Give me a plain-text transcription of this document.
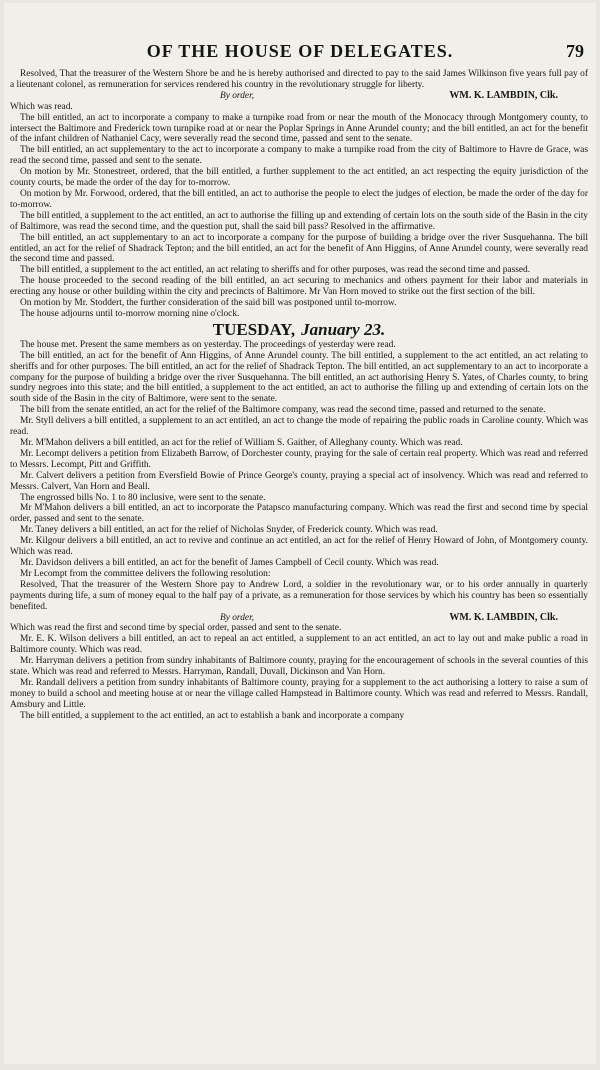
OF THE HOUSE OF DELEGATES.	79

Resolved, That the treasurer of the Western Shore be and he is hereby authorised and directed to pay to the said James Wilkinson five years full pay of a lieutenant colonel, as remuneration for services rendered his country in the revolutionary struggle for liberty.

By order,	WM. K. LAMBDIN, Clk.

Which was read.

The bill entitled, an act to incorporate a company to make a turnpike road from or near the mouth of the Monocacy through Montgomery county, to intersect the Baltimore and Frederick town turnpike road at or near the Poplar Springs in Anne Arundel county; and the bill entitled, an act for the benefit of the infant children of Nathaniel Cacy, were severally read the second time, passed and sent to the senate.

The bill entitled, an act supplementary to the act to incorporate a company to make a turnpike road from the city of Baltimore to Havre de Grace, was read the second time, passed and sent to the senate.

On motion by Mr. Stonestreet, ordered, that the bill entitled, a further supplement to the act entitled, an act respecting the equity jurisdiction of the county courts, be made the order of the day for to-morrow.

On motion by Mr. Forwood, ordered, that the bill entitled, an act to authorise the people to elect the judges of election, be made the order of the day for to-morrow.

The bill entitled, a supplement to the act entitled, an act to authorise the filling up and extending of certain lots on the south side of the Basin in the city of Baltimore, was read the second time, and the question put, shall the said bill pass? Resolved in the affirmative.

The bill entitled, an act supplementary to an act to incorporate a company for the purpose of building a bridge over the river Susquehanna. The bill entitled, an act for the relief of Shadrack Tepton; and the bill entitled, an act for the benefit of Ann Higgins, of Anne Arundel county, were severally read the second time and passed.

The bill entitled, a supplement to the act entitled, an act relating to sheriffs and for other purposes, was read the second time and passed.

The house proceeded to the second reading of the bill entitled, an act securing to mechanics and others payment for their labor and materials in erecting any house or other building within the city and precincts of Baltimore. Mr Van Horn moved to strike out the first section of the bill.

On motion by Mr. Stoddert, the further consideration of the said bill was postponed until to-morrow.

The house adjourns until to-morrow morning nine o'clock.

TUESDAY, January 23.

The house met. Present the same members as on yesterday. The proceedings of yesterday were read.

The bill entitled, an act for the benefit of Ann Higgins, of Anne Arundel county. The bill entitled, a supplement to the act entitled, an act relating to sheriffs and for other purposes. The bill entitled, an act for the relief of Shadrack Tepton. The bill entitled, an act supplementary to an act to incorporate a company for the purpose of building a bridge over the river Susquehanna. The bill entitled, an act authorising Henry S. Yates, of Charles county, to bring sundry negroes into this state; and the bill entitled, a supplement to the act entitled, an act to authorise the filling up and extending of certain lots on the south side of the Basin in the city of Baltimore, were sent to the senate.

The bill from the senate entitled, an act for the relief of the Baltimore company, was read the second time, passed and returned to the senate.

Mr. Styll delivers a bill entitled, a supplement to an act entitled, an act to change the mode of repairing the public roads in Caroline county. Which was read.

Mr. M'Mahon delivers a bill entitled, an act for the relief of William S. Gaither, of Alleghany county. Which was read.

Mr. Lecompt delivers a petition from Elizabeth Barrow, of Dorchester county, praying for the sale of certain real property. Which was read and referred to Messrs. Lecompt, Pitt and Griffith.

Mr. Calvert delivers a petition from Eversfield Bowie of Prince George's county, praying a special act of insolvency. Which was read and referred to Messrs. Calvert, Van Horn and Beall.

The engrossed bills No. 1 to 80 inclusive, were sent to the senate.

Mr M'Mahon delivers a bill entitled, an act to incorporate the Patapsco manufacturing company. Which was read the first and second time by special order, passed and sent to the senate.

Mr. Taney delivers a bill entitled, an act for the relief of Nicholas Snyder, of Frederick county. Which was read.

Mr. Kilgour delivers a bill entitled, an act to revive and continue an act entitled, an act for the relief of Henry Howard of John, of Montgomery county. Which was read.

Mr. Davidson delivers a bill entitled, an act for the benefit of James Campbell of Cecil county. Which was read.

Mr Lecompt from the committee delivers the following resolution:

Resolved, That the treasurer of the Western Shore pay to Andrew Lord, a soldier in the revolutionary war, or to his order annually in quarterly payments during life, a sum of money equal to the half pay of a private, as a remuneration for those services by which his country has been so essentially benefited.

By order,	WM. K. LAMBDIN, Clk.

Which was read the first and second time by special order, passed and sent to the senate.

Mr. E. K. Wilson delivers a bill entitled, an act to repeal an act entitled, a supplement to an act entitled, an act to lay out and make public a road in Baltimore county. Which was read.

Mr. Harryman delivers a petition from sundry inhabitants of Baltimore county, praying for the encouragement of schools in the several counties of this state. Which was read and referred to Messrs. Harryman, Randall, Duvall, Dickinson and Van Horn.

Mr. Randall delivers a petition from sundry inhabitants of Baltimore county, praying for a supplement to the act authorising a lottery to raise a sum of money to build a school and meeting house at or near the village called Hampstead in Baltimore county. Which was read and referred to Messrs. Randall, Amsbury and Little.

The bill entitled, a supplement to the act entitled, an act to establish a bank and incorporate a company
